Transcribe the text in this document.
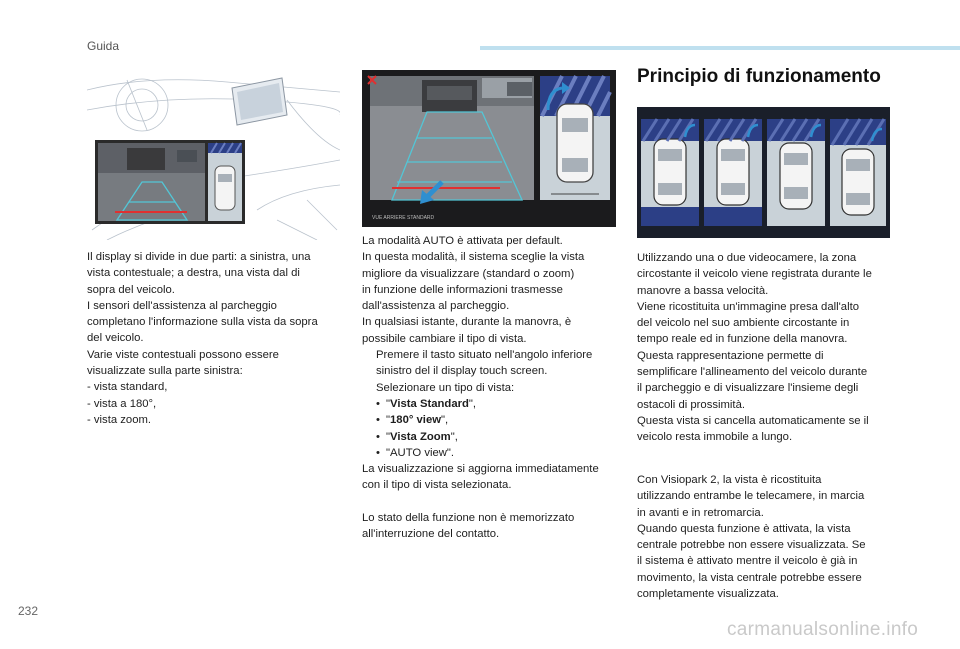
Guida
VUE ARRIERE STANDARD
Principio di funzionamento

Il display si divide in due parti: a sinistra, una

vista contestuale; a destra, una vista dal di

sopra del veicolo.

I sensori dell'assistenza al parcheggio

completano l'informazione sulla vista da sopra

del veicolo.

Varie viste contestuali possono essere

visualizzate sulla parte sinistra:

- vista standard,

- vista a 180°,

- vista zoom.

La modalità AUTO è attivata per default.

In questa modalità, il sistema sceglie la vista

migliore da visualizzare (standard o zoom)

in funzione delle informazioni trasmesse

dall'assistenza al parcheggio.

In qualsiasi istante, durante la manovra, è

possibile cambiare il tipo di vista.

Premere il tasto situato nell'angolo inferiore
sinistro del il display touch screen.
Selezionare un tipo di vista:
• "Vista Standard",
• "180° view",
• "Vista Zoom",
• "AUTO view".

La visualizzazione si aggiorna immediatamente

con il tipo di vista selezionata.

Lo stato della funzione non è memorizzato

all'interruzione del contatto.

Utilizzando una o due videocamere, la zona

circostante il veicolo viene registrata durante le

manovre a bassa velocità.

Viene ricostituita un'immagine presa dall'alto

del veicolo nel suo ambiente circostante in

tempo reale ed in funzione della manovra.

Questa rappresentazione permette di

semplificare l'allineamento del veicolo durante

il parcheggio e di visualizzare l'insieme degli

ostacoli di prossimità.

Questa vista si cancella automaticamente se il

veicolo resta immobile a lungo.

Con Visiopark 2, la vista è ricostituita

utilizzando entrambe le telecamere, in marcia

in avanti e in retromarcia.

Quando questa funzione è attivata, la vista

centrale potrebbe non essere visualizzata. Se

il sistema è attivato mentre il veicolo è già in

movimento, la vista centrale potrebbe essere

completamente visualizzata.

232
carmanualsonline.info
